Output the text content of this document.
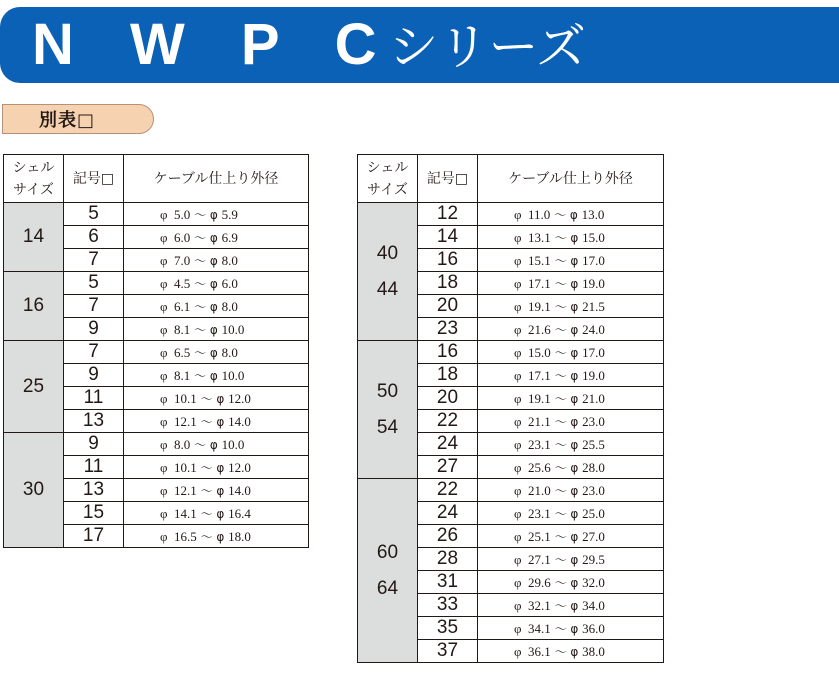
N W P Cシリーズ
別表□
シェル
サイズ	記号□	ケーブル仕上り外径

14	5	φ  5.0 ～ φ 5.9
	6	φ  6.0 ～ φ 6.9
	7	φ  7.0 ～ φ 8.0

16	5	φ  4.5 ～ φ 6.0
	7	φ  6.1 ～ φ 8.0
	9	φ  8.1 ～ φ 10.0

25	7	φ  6.5 ～ φ 8.0
	9	φ  8.1 ～ φ 10.0
	11	φ  10.1 ～ φ 12.0
	13	φ  12.1 ～ φ 14.0

30	9	φ  8.0 ～ φ 10.0
	11	φ  10.1 ～ φ 12.0
	13	φ  12.1 ～ φ 14.0
	15	φ  14.1 ～ φ 16.4
	17	φ  16.5 ～ φ 18.0
シェル
サイズ	記号□	ケーブル仕上り外径

40
44	12	φ  11.0 ～ φ 13.0
	14	φ  13.1 ～ φ 15.0
	16	φ  15.1 ～ φ 17.0
	18	φ  17.1 ～ φ 19.0
	20	φ  19.1 ～ φ 21.5
	23	φ  21.6 ～ φ 24.0

50
54	16	φ  15.0 ～ φ 17.0
	18	φ  17.1 ～ φ 19.0
	20	φ  19.1 ～ φ 21.0
	22	φ  21.1 ～ φ 23.0
	24	φ  23.1 ～ φ 25.5
	27	φ  25.6 ～ φ 28.0

60
64	22	φ  21.0 ～ φ 23.0
	24	φ  23.1 ～ φ 25.0
	26	φ  25.1 ～ φ 27.0
	28	φ  27.1 ～ φ 29.5
	31	φ  29.6 ～ φ 32.0
	33	φ  32.1 ～ φ 34.0
	35	φ  34.1 ～ φ 36.0
	37	φ  36.1 ～ φ 38.0
